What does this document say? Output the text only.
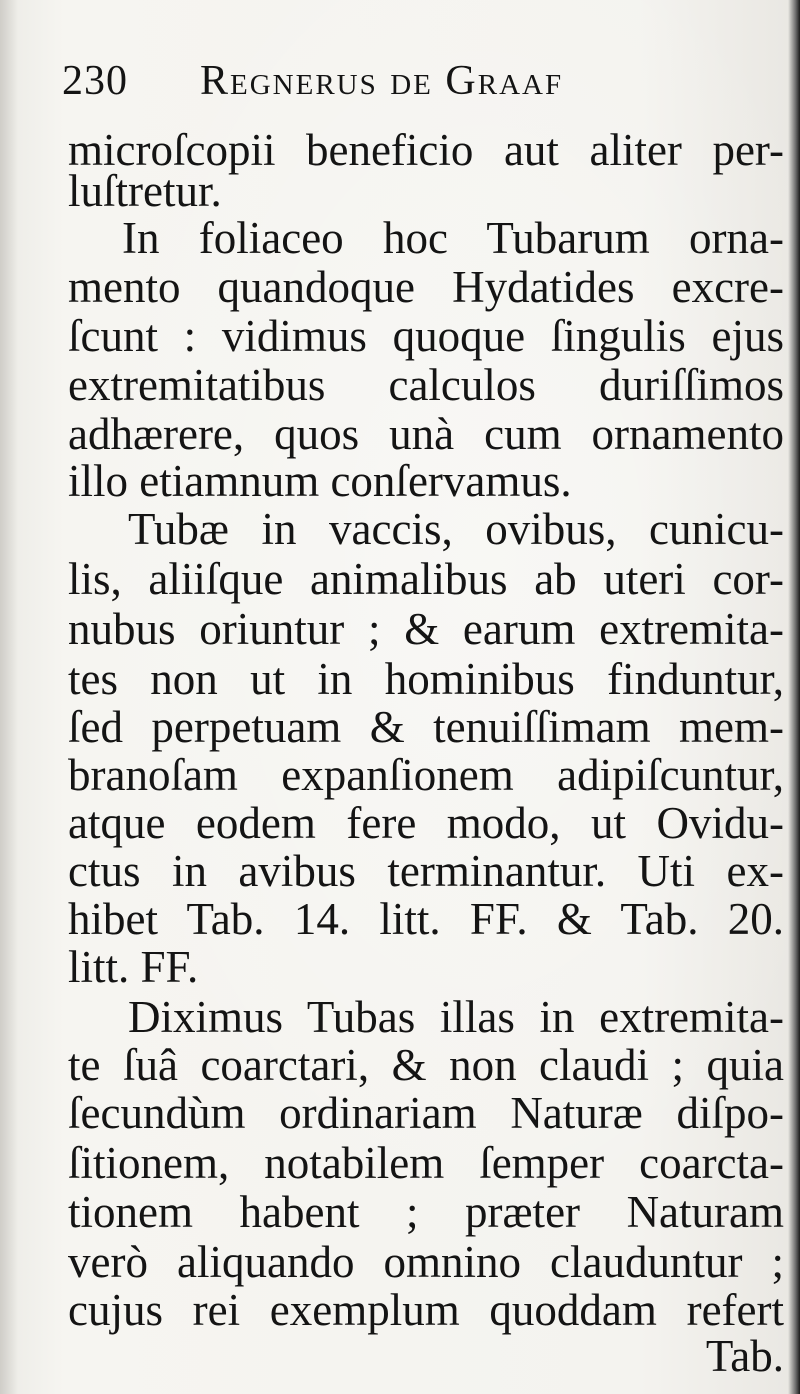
230 Regnerus de Graaf
microſcopii beneficio aut aliter per-
luſtretur.
In foliaceo hoc Tubarum orna-
mento quandoque Hydatides excre-
ſcunt : vidimus quoque ſingulis ejus
extremitatibus calculos duriſſimos
adhærere, quos unà cum ornamento
illo etiamnum conſervamus.
Tubæ in vaccis, ovibus, cunicu-
lis, aliiſque animalibus ab uteri cor-
nubus oriuntur ; & earum extremita-
tes non ut in hominibus finduntur,
ſed perpetuam & tenuiſſimam mem-
branoſam expanſionem adipiſcuntur,
atque eodem fere modo, ut Ovidu-
ctus in avibus terminantur. Uti ex-
hibet Tab. 14. litt. FF. & Tab. 20.
litt. FF.
Diximus Tubas illas in extremita-
te ſuâ coarctari, & non claudi ; quia
ſecundùm ordinariam Naturæ diſpo-
ſitionem, notabilem ſemper coarcta-
tionem habent ; præter Naturam
verò aliquando omnino clauduntur ;
cujus rei exemplum quoddam refert
Tab.
